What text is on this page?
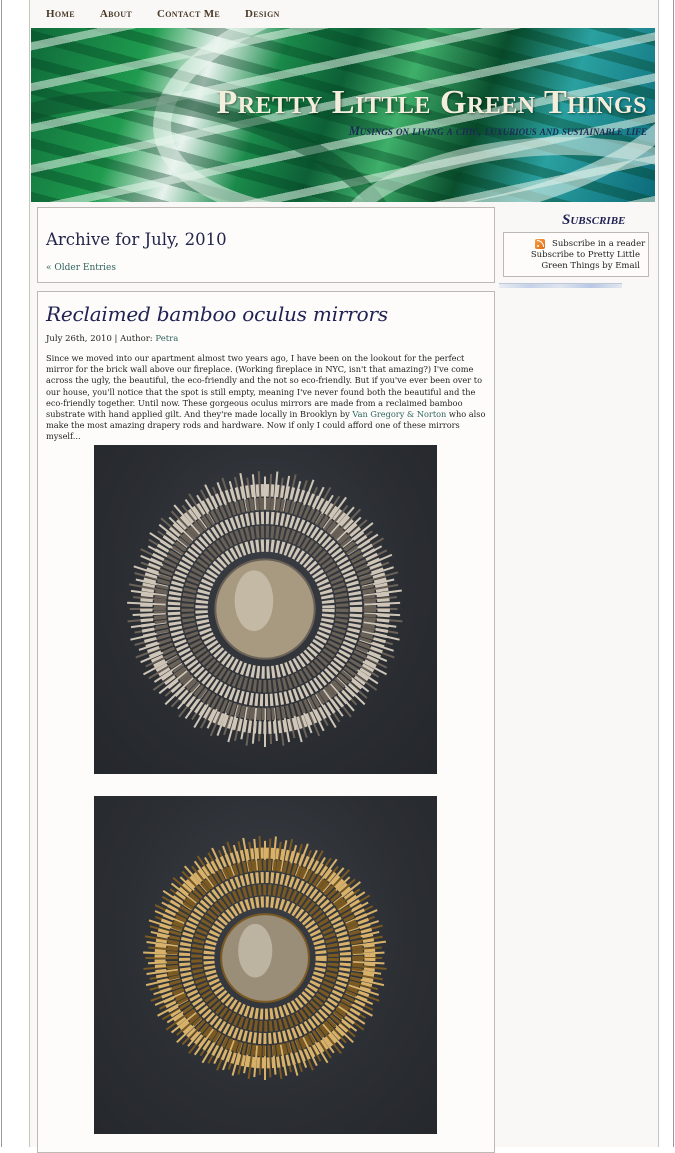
Home About Contact Me Design
Pretty Little Green Things
Musings on living a chic, luxurious and sustainable life
Archive for July, 2010
« Older Entries
Reclaimed bamboo oculus mirrors
July 26th, 2010 | Author: Petra
Since we moved into our apartment almost two years ago, I have been on the lookout for the perfect mirror for the brick wall above our fireplace. (Working fireplace in NYC, isn't that amazing?) I've come across the ugly, the beautiful, the eco-friendly and the not so eco-friendly. But if you've ever been over to our house, you'll notice that the spot is still empty, meaning I've never found both the beautiful and the eco-friendly together. Until now. These gorgeous oculus mirrors are made from a reclaimed bamboo substrate with hand applied gilt. And they're made locally in Brooklyn by Van Gregory & Norton who also make the most amazing drapery rods and hardware. Now if only I could afford one of these mirrors myself...
Subscribe
Subscribe in a reader
Subscribe to Pretty Little Green Things by Email
